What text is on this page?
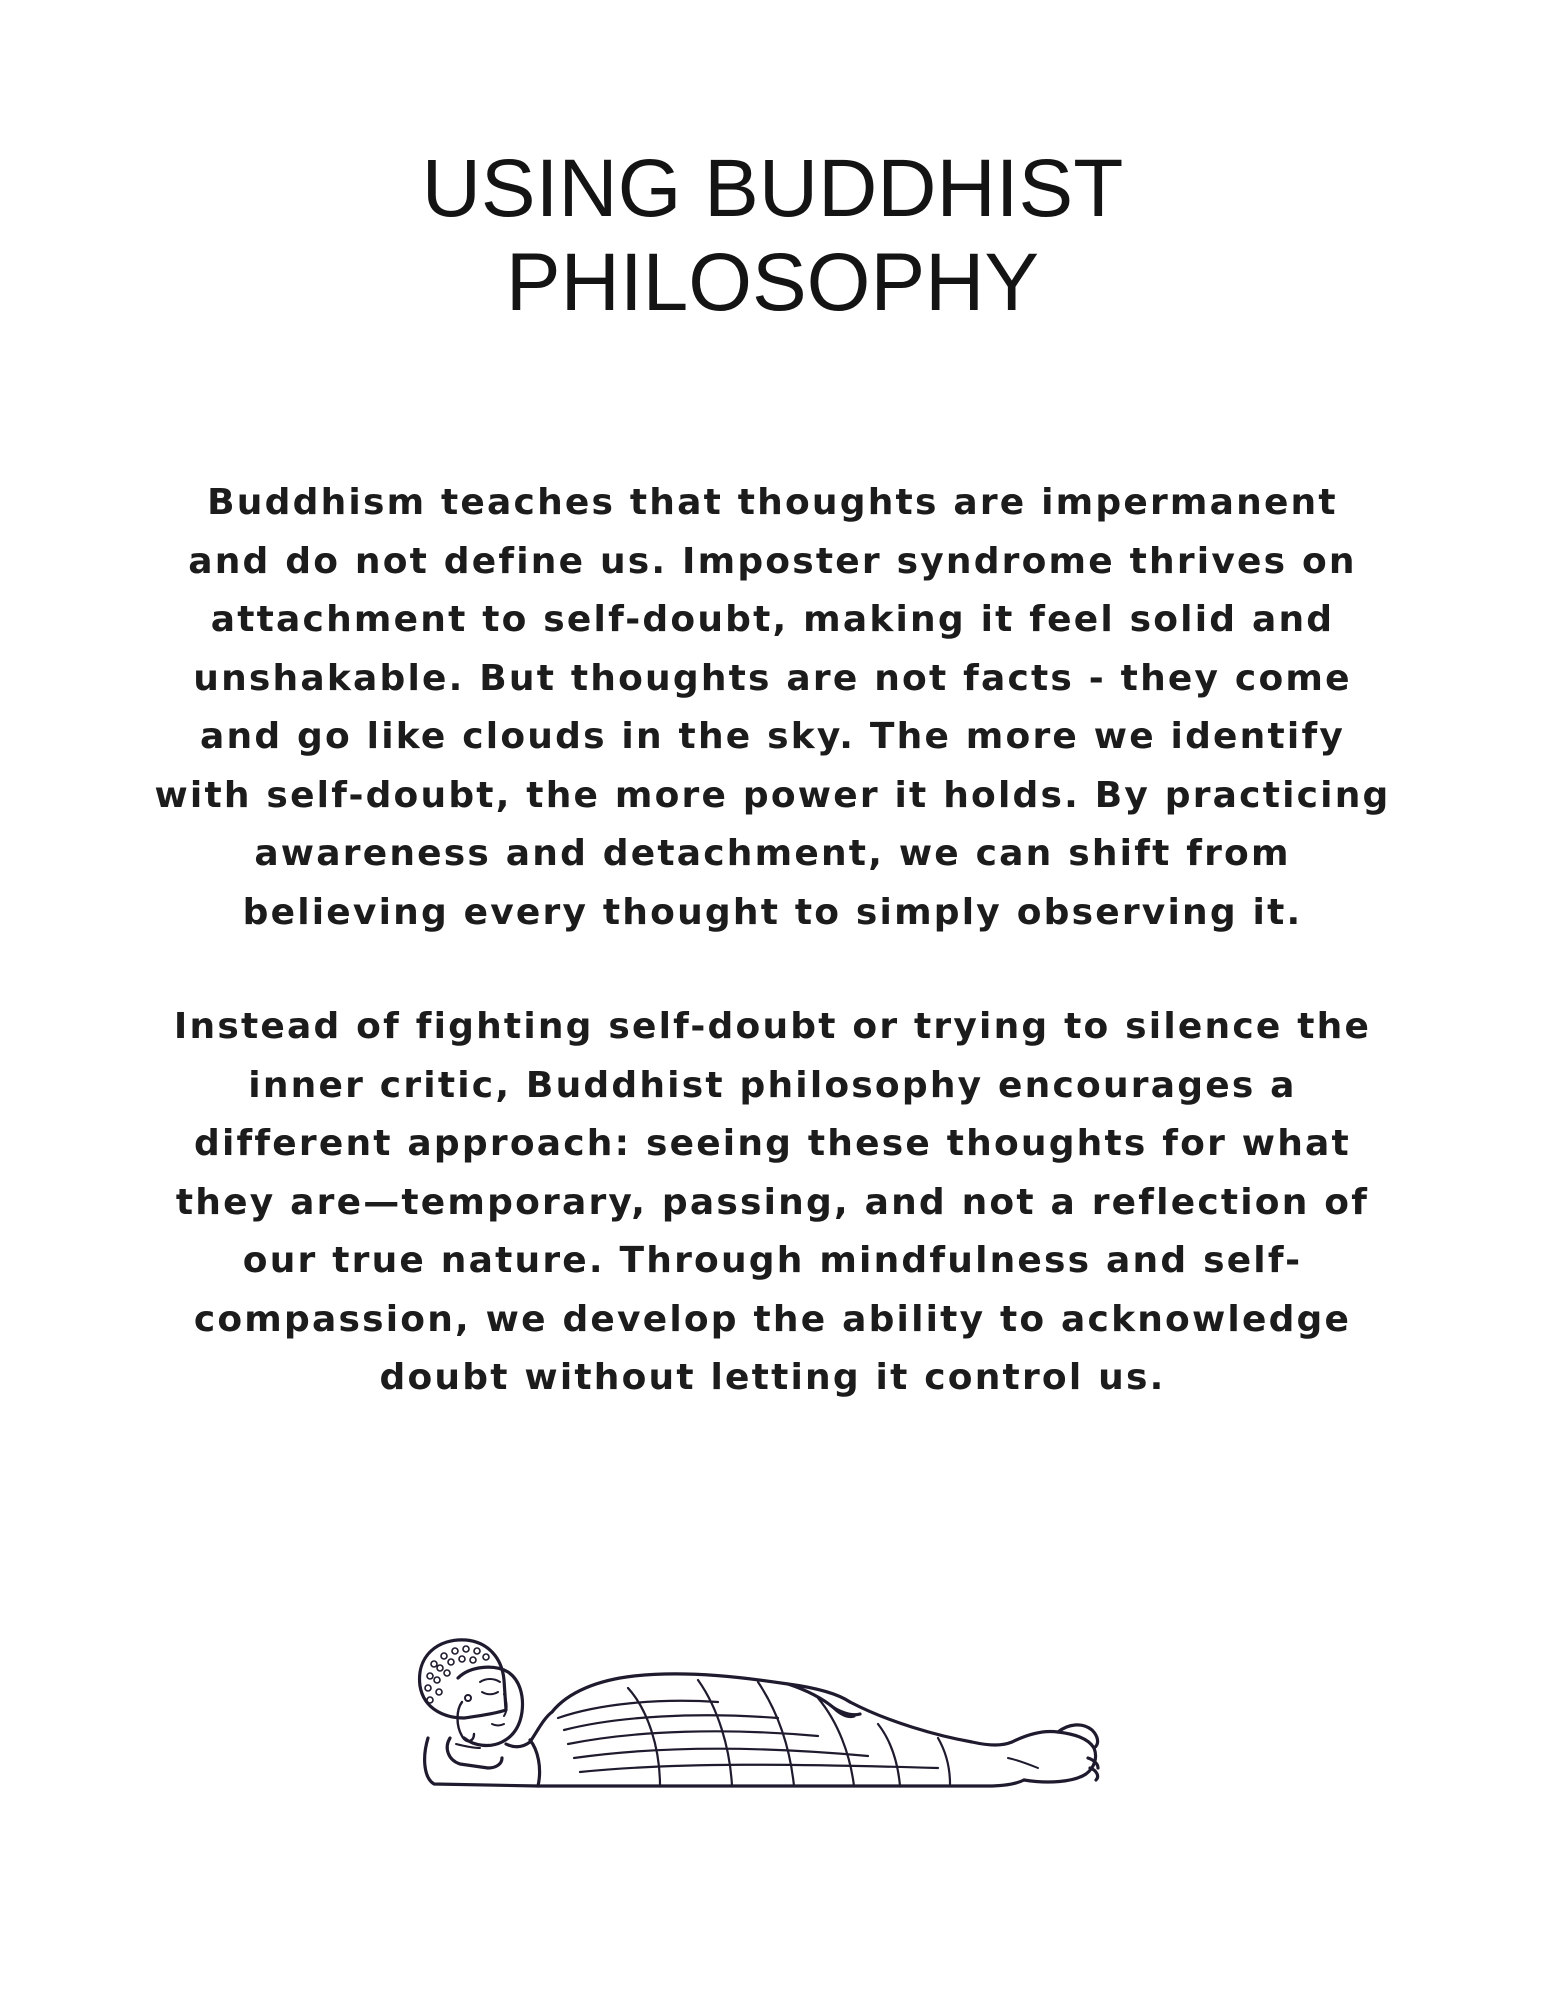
USING BUDDHIST
PHILOSOPHY

Buddhism teaches that thoughts are impermanent
and do not define us. Imposter syndrome thrives on
attachment to self-doubt, making it feel solid and
unshakable. But thoughts are not facts - they come
and go like clouds in the sky. The more we identify
with self-doubt, the more power it holds. By practicing
awareness and detachment, we can shift from
believing every thought to simply observing it.

Instead of fighting self-doubt or trying to silence the
inner critic, Buddhist philosophy encourages a
different approach: seeing these thoughts for what
they are—temporary, passing, and not a reflection of
our true nature. Through mindfulness and self-
compassion, we develop the ability to acknowledge
doubt without letting it control us.
